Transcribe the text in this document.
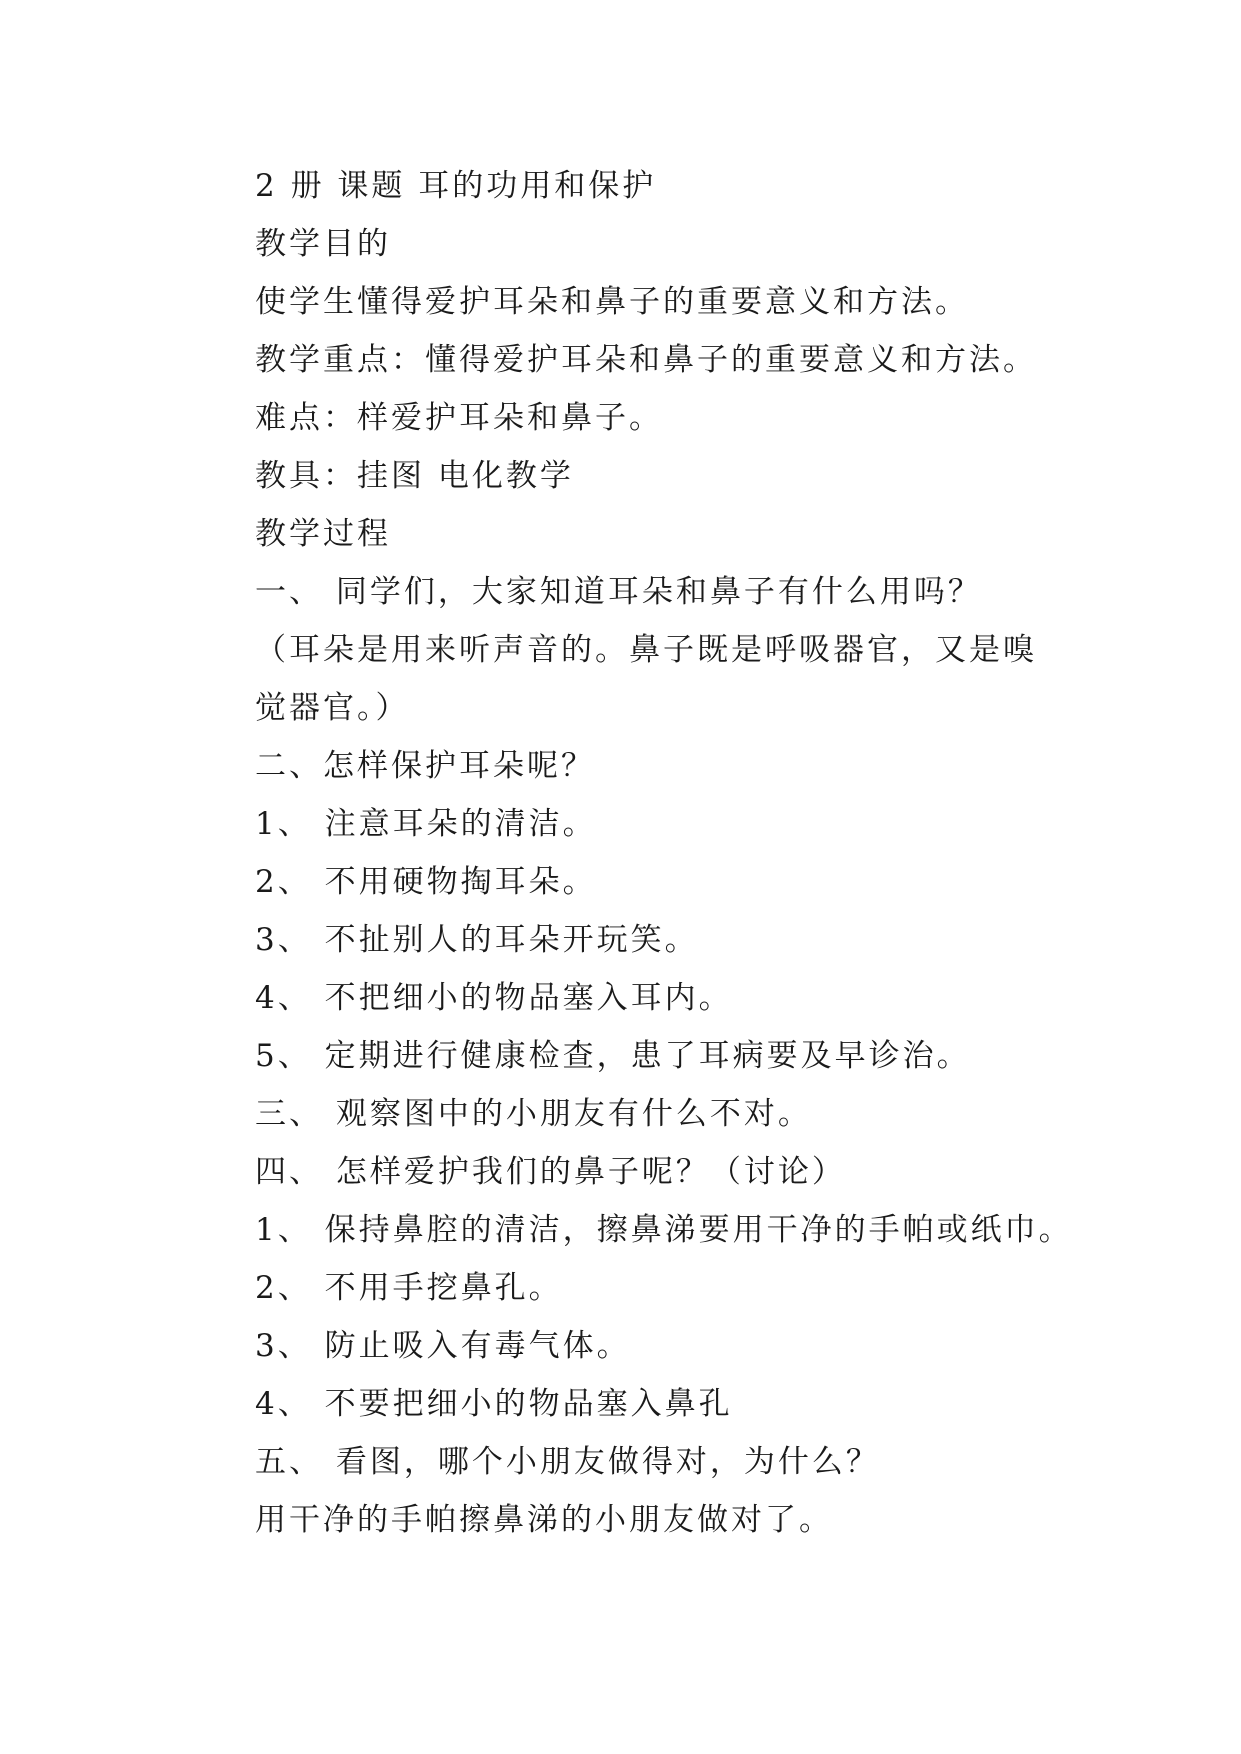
2 册 课题 耳的功用和保护

教学目的

使学生懂得爱护耳朵和鼻子的重要意义和方法。

教学重点：懂得爱护耳朵和鼻子的重要意义和方法。

难点：样爱护耳朵和鼻子。

教具：挂图 电化教学

教学过程

一、 同学们，大家知道耳朵和鼻子有什么用吗？

（耳朵是用来听声音的。鼻子既是呼吸器官，又是嗅

觉器官。）

二、怎样保护耳朵呢？

1、 注意耳朵的清洁。

2、 不用硬物掏耳朵。

3、 不扯别人的耳朵开玩笑。

4、 不把细小的物品塞入耳内。

5、 定期进行健康检查，患了耳病要及早诊治。

三、 观察图中的小朋友有什么不对。

四、 怎样爱护我们的鼻子呢？（讨论）

1、 保持鼻腔的清洁，擦鼻涕要用干净的手帕或纸巾。

2、 不用手挖鼻孔。

3、 防止吸入有毒气体。

4、 不要把细小的物品塞入鼻孔

五、 看图，哪个小朋友做得对，为什么？

用干净的手帕擦鼻涕的小朋友做对了。
